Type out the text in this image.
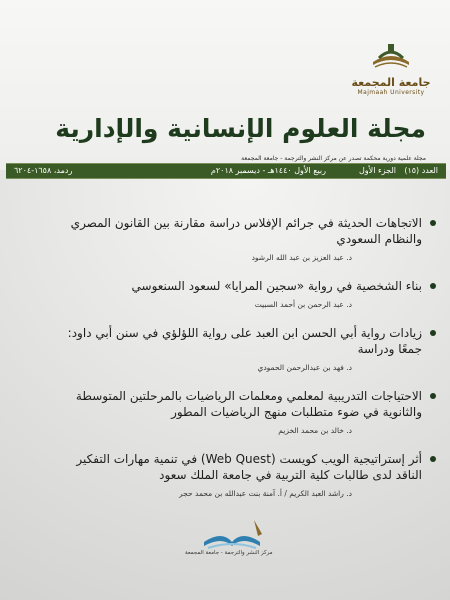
جامعة المجمعة
Majmaah University
مجلة العلوم الإنسانية والإدارية
مجلة علمية دورية محكمة تصدر عن مركز النشر والترجمة - جامعة المجمعة
العدد (١٥)
الجزء الأول
ربيع الأول ١٤٤٠هـ - ديسمبر ٢٠١٨م
ردمد، ١٦٥٨-٦٢٠٤
الاتجاهات الحديثة في جرائم الإفلاس دراسة مقارنة بين القانون المصري والنظام السعودي
د. عبد العزيز بن عبد الله الرشود
بناء الشخصية في رواية «سجين المرايا» لسعود السنعوسي
د. عبد الرحمن بن أحمد السبيت
زيادات رواية أبي الحسن ابن العبد على رواية اللؤلؤي في سنن أبي داود: جمعًا ودراسة
د. فهد بن عبدالرحمن الحمودي
الاحتياجات التدريبية لمعلمي ومعلمات الرياضيات بالمرحلتين المتوسطة والثانوية في ضوء متطلبات منهج الرياضيات المطور
د. خالد بن محمد الخزيم
أثر إستراتيجية الويب كويست (Web Quest) في تنمية مهارات التفكير الناقد لدى طالبات كلية التربية في جامعة الملك سعود
د. راشد العبد الكريم / أ. آمنة بنت عبدالله بن محمد حجر
مركز النشر والترجمة - جامعة المجمعة
